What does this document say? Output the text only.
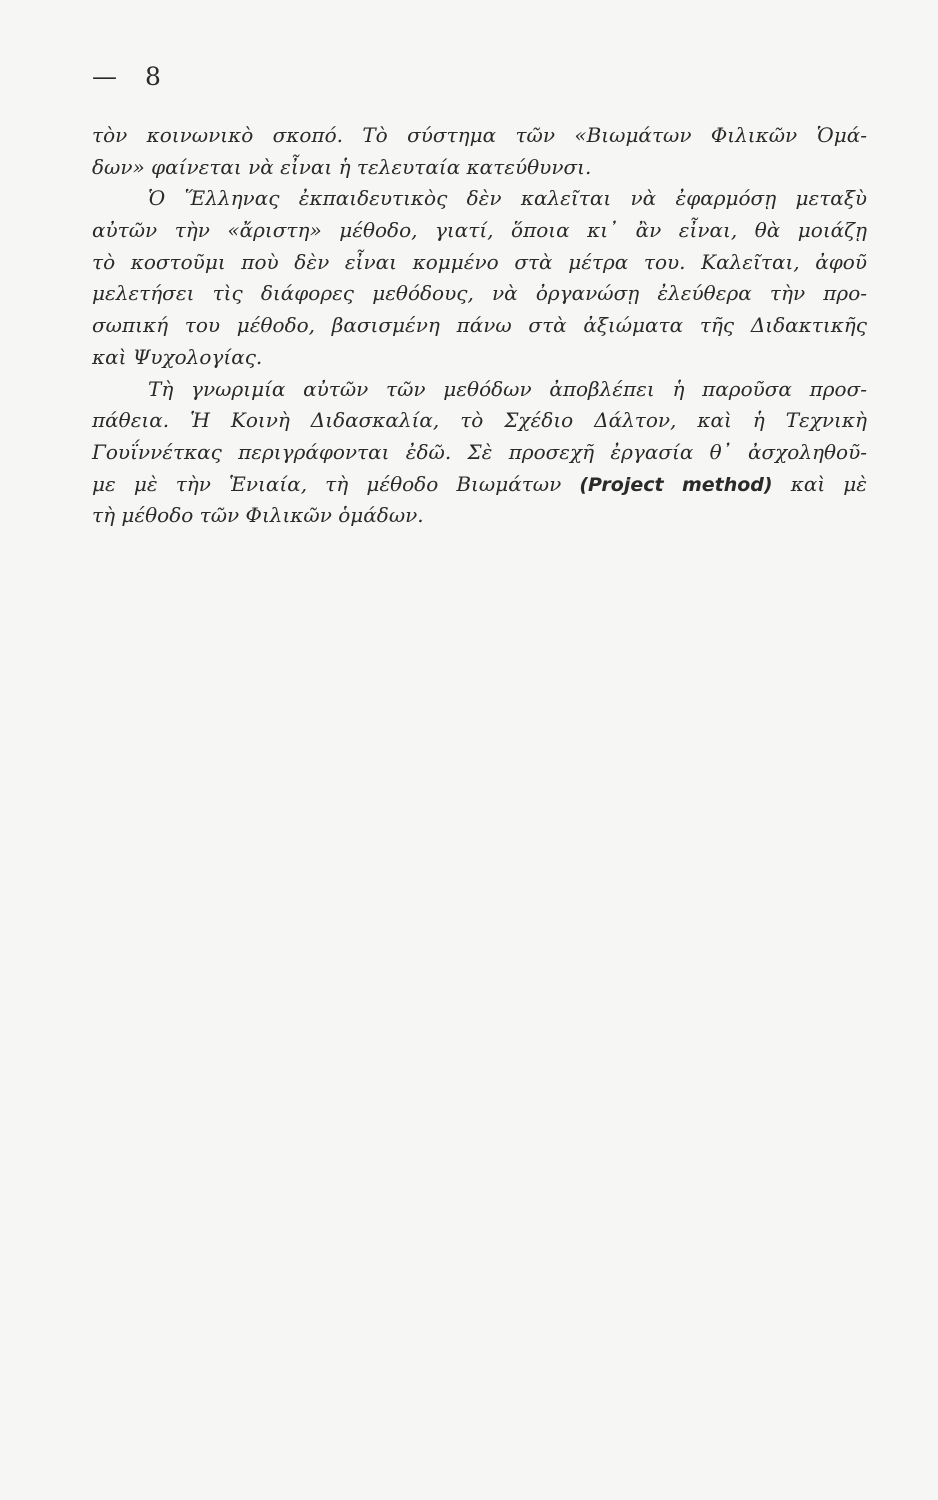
— 8
τὸν κοινωνικὸ σκοπό. Τὸ σύστημα τῶν «Βιωμάτων Φιλικῶν Ὁμά-
δων» φαίνεται νὰ εἶναι ἡ τελευταία κατεύθυνσι.
Ὁ Ἕλληνας ἐκπαιδευτικὸς δὲν καλεῖται νὰ ἐφαρμόσῃ μεταξὺ
αὐτῶν τὴν «ἄριστη» μέθοδο, γιατί, ὅποια κι᾽ ἂν εἶναι, θὰ μοιάζῃ
τὸ κοστοῦμι ποὺ δὲν εἶναι κομμένο στὰ μέτρα του. Καλεῖται, ἀφοῦ
μελετήσει τὶς διάφορες μεθόδους, νὰ ὀργανώσῃ ἐλεύθερα τὴν προ-
σωπική του μέθοδο, βασισμένη πάνω στὰ ἀξιώματα τῆς Διδακτικῆς
καὶ Ψυχολογίας.
Τὴ γνωριμία αὐτῶν τῶν μεθόδων ἀποβλέπει ἡ παροῦσα προσ-
πάθεια. Ἡ Κοινὴ Διδασκαλία, τὸ Σχέδιο Δάλτον, καὶ ἡ Τεχνικὴ
Γουΐννέτκας περιγράφονται ἐδῶ. Σὲ προσεχῆ ἐργασία θ᾽ ἀσχοληθοῦ-
με μὲ τὴν Ἑνιαία, τὴ μέθοδο Βιωμάτων (Project method) καὶ μὲ
τὴ μέθοδο τῶν Φιλικῶν ὁμάδων.
